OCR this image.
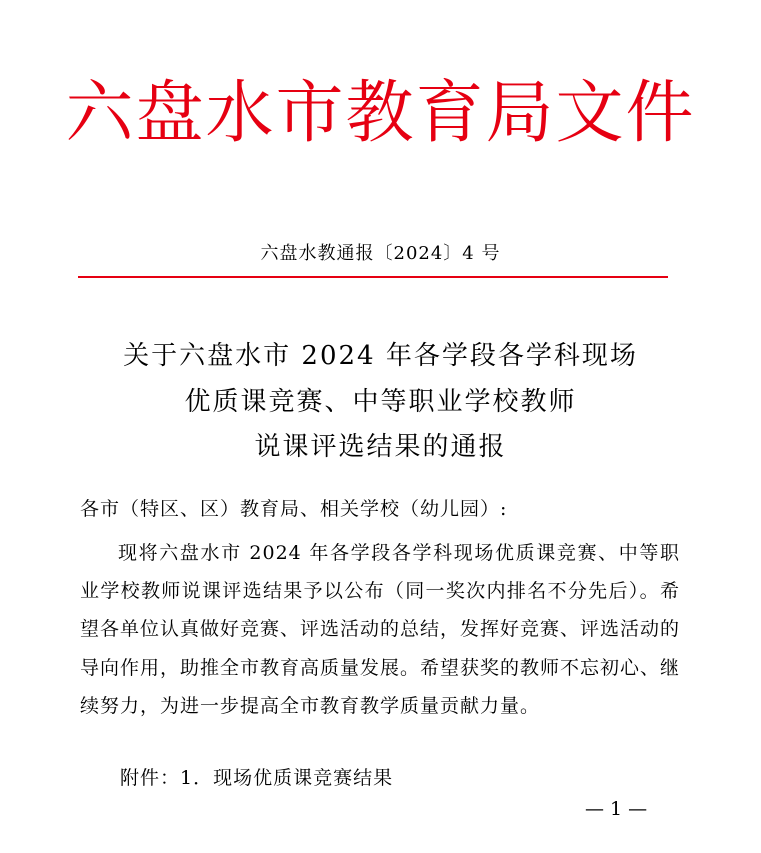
六盘水市教育局文件
六盘水教通报〔2024〕4 号
关于六盘水市 2024 年各学段各学科现场
优质课竞赛、中等职业学校教师
说课评选结果的通报
各市（特区、区）教育局、相关学校（幼儿园）:
现将六盘水市 2024 年各学段各学科现场优质课竞赛、中等职业学校教师说课评选结果予以公布（同一奖次内排名不分先后）。希望各单位认真做好竞赛、评选活动的总结，发挥好竞赛、评选活动的导向作用，助推全市教育高质量发展。希望获奖的教师不忘初心、继续努力，为进一步提高全市教育教学质量贡献力量。
附件：1．现场优质课竞赛结果
— 1 —
